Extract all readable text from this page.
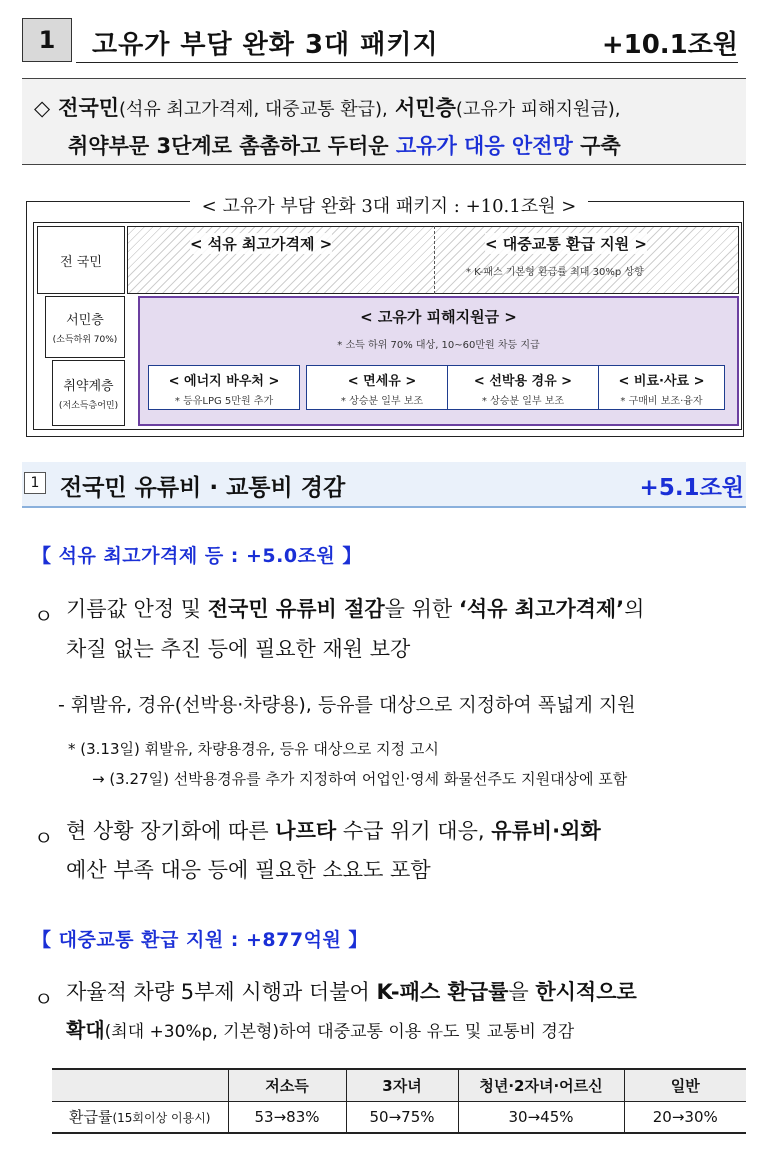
1	고유가 부담 완화 3대 패키지	+10.1조원
◇ 전국민(석유 최고가격제, 대중교통 환급), 서민층(고유가 피해지원금),
취약부문 3단계로 촘촘하고 두터운 고유가 대응 안전망 구축
< 고유가 부담 완화 3대 패키지 : +10.1조원 >
전 국민
서민층
(소득하위 70%)
취약계층
(저소득층어민)
< 석유 최고가격제 >	< 대중교통 환급 지원 >
* K-패스 기본형 환급률 최대 30%p 상향
< 고유가 피해지원금 >
* 소득 하위 70% 대상, 10~60만원 차등 지급
< 에너지 바우처 >
* 등유LPG 5만원 추가
< 면세유 >
* 상승분 일부 보조
< 선박용 경유 >
* 상승분 일부 보조
< 비료·사료 >
* 구매비 보조·융자
1 전국민 유류비 · 교통비 경감	+5.1조원
【 석유 최고가격제 등 : +5.0조원 】
ㅇ 기름값 안정 및 전국민 유류비 절감을 위한 ‘석유 최고가격제’의
차질 없는 추진 등에 필요한 재원 보강
- 휘발유, 경유(선박용·차량용), 등유를 대상으로 지정하여 폭넓게 지원
* (3.13일) 휘발유, 차량용경유, 등유 대상으로 지정 고시
→ (3.27일) 선박용경유를 추가 지정하여 어업인·영세 화물선주도 지원대상에 포함
ㅇ 현 상황 장기화에 따른 나프타 수급 위기 대응, 유류비·외화
예산 부족 대응 등에 필요한 소요도 포함
【 대중교통 환급 지원 : +877억원 】
ㅇ 자율적 차량 5부제 시행과 더불어 K-패스 환급률을 한시적으로
확대(최대 +30%p, 기본형)하여 대중교통 이용 유도 및 교통비 경감
	저소득	3자녀	청년·2자녀·어르신	일반
환급률(15회이상 이용시)	53→83%	50→75%	30→45%	20→30%
